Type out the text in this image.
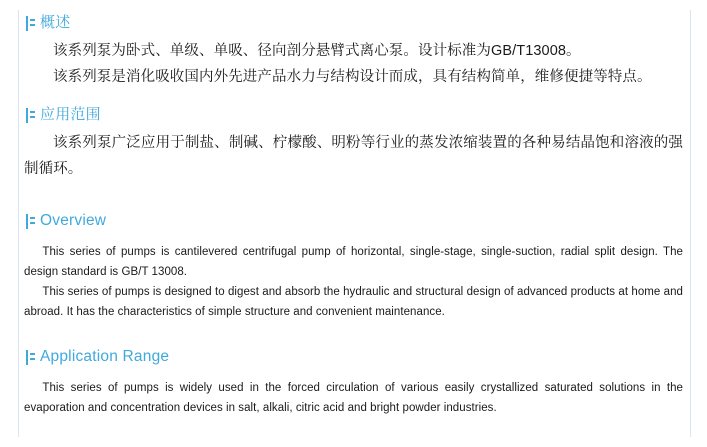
概述

该系列泵为卧式、单级、单吸、径向剖分悬臂式离心泵。设计标准为GB/T13008。

该系列泵是消化吸收国内外先进产品水力与结构设计而成，具有结构简单，维修便捷等特点。

应用范围

该系列泵广泛应用于制盐、制碱、柠檬酸、明粉等行业的蒸发浓缩装置的各种易结晶饱和溶液的强制循环。

Overview

This series of pumps is cantilevered centrifugal pump of horizontal, single-stage, single-suction, radial split design. The design standard is GB/T 13008.

This series of pumps is designed to digest and absorb the hydraulic and structural design of advanced products at home and abroad. It has the characteristics of simple structure and convenient maintenance.

Application Range

This series of pumps is widely used in the forced circulation of various easily crystallized saturated solutions in the evaporation and concentration devices in salt, alkali, citric acid and bright powder industries.
